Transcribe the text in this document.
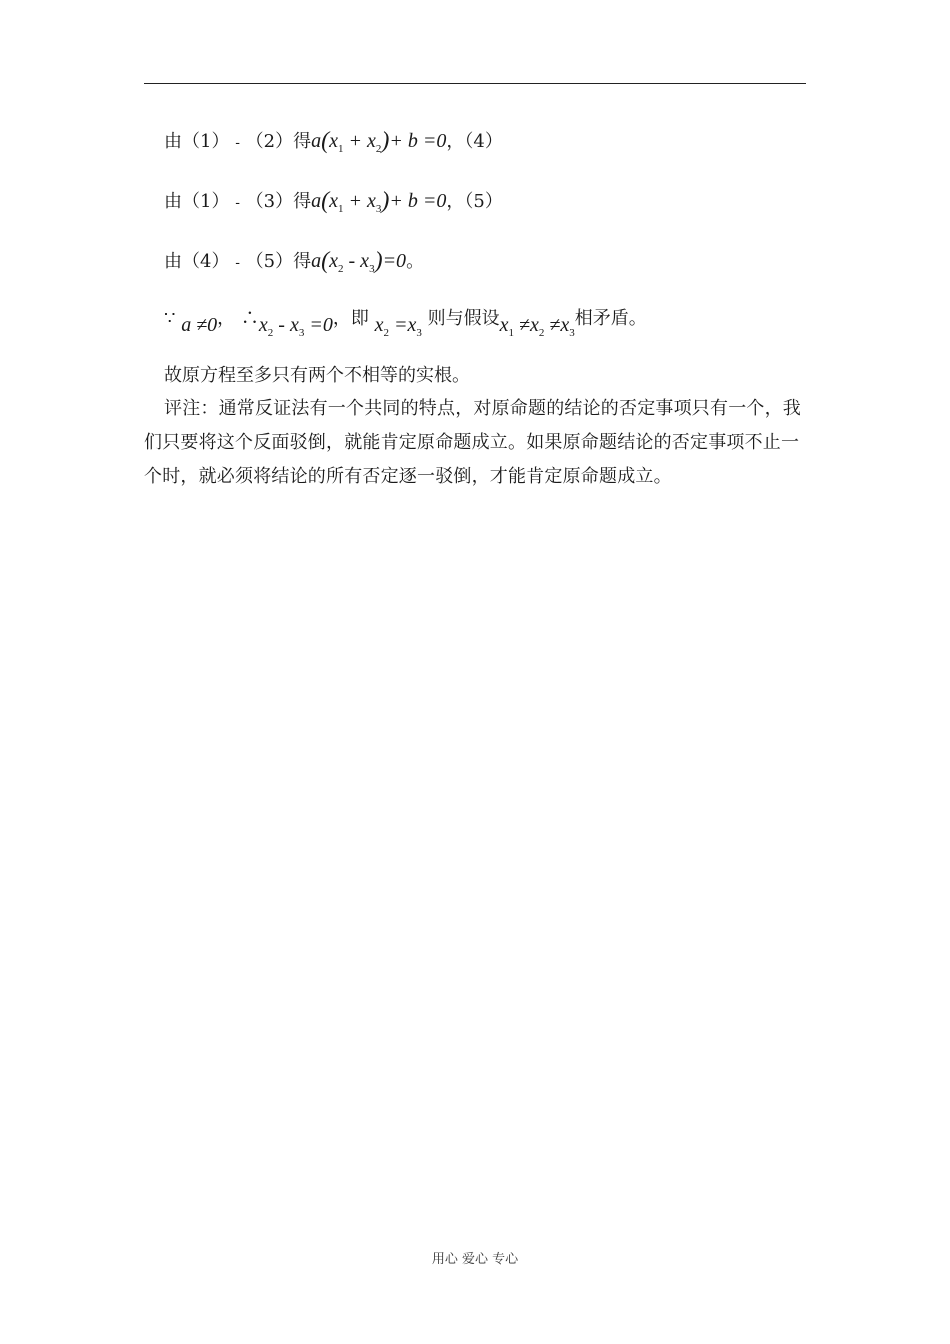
由（1） - （2）得$a(x_1 + x_2)+ b =0$，（4）
由（1） - （3）得$a(x_1 + x_3)+ b =0$，（5）
由（4） - （5）得$a(x_2 - x_3)=0$。
∵ a ≠0， $\therefore x_2 - x_3 =0$，即 $x_2 =x_3$ 则与假设$x_1 \ne x_2 \ne x_3$相矛盾。
故原方程至多只有两个不相等的实根。
评注：通常反证法有一个共同的特点，对原命题的结论的否定事项只有一个，我们只要将这个反面驳倒，就能肯定原命题成立。如果原命题结论的否定事项不止一个时，就必须将结论的所有否定逐一驳倒，才能肯定原命题成立。
用心 爱心 专心
